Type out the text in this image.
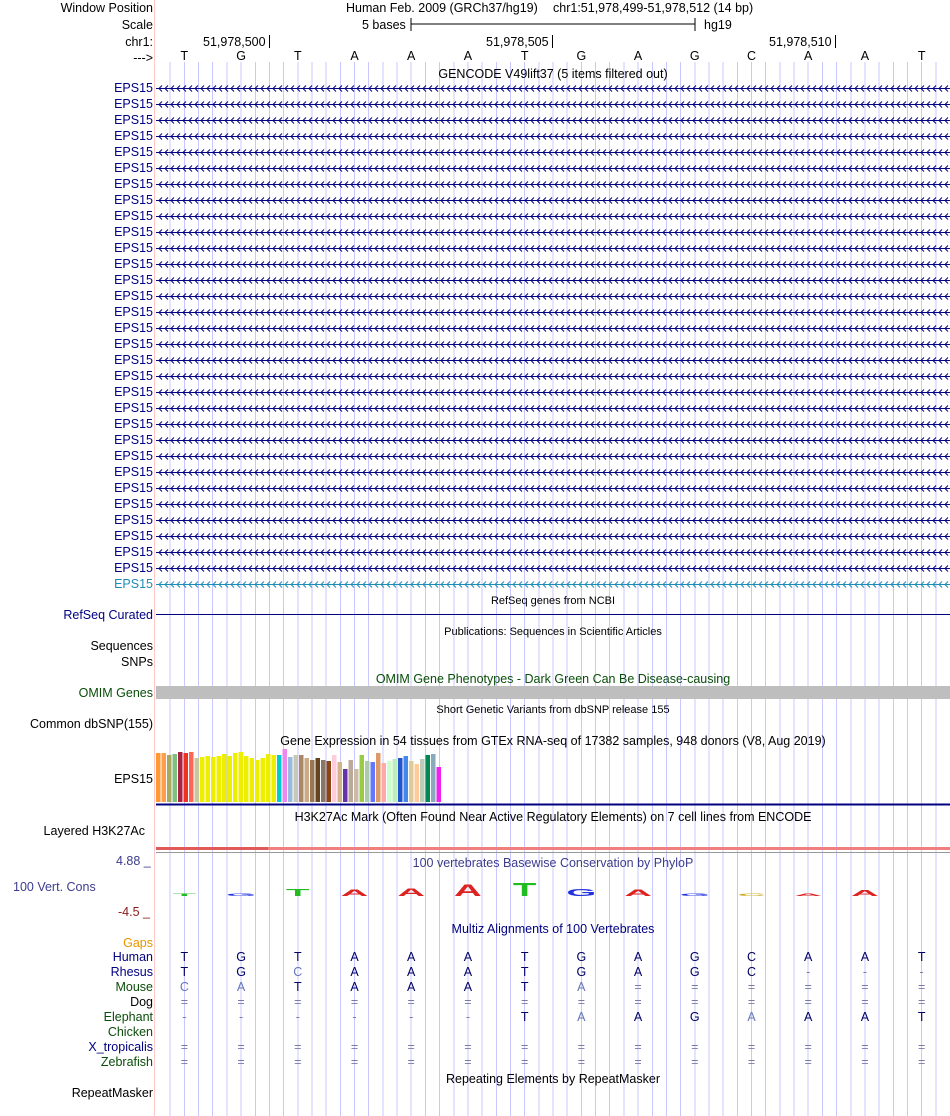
Window Position
Scale
chr1:
--->
Human Feb. 2009 (GRCh37/hg19) chr1:51,978,499-51,978,512 (14 bp)
5 bases	hg19
51,978,500	51,978,505	51,978,510
T	G	T	A	A	A	T	G	A	G	C	A	A	T
GENCODE V49lift37 (5 items filtered out)
EPS15
EPS15
EPS15
EPS15
EPS15
EPS15
EPS15
EPS15
EPS15
EPS15
EPS15
EPS15
EPS15
EPS15
EPS15
EPS15
EPS15
EPS15
EPS15
EPS15
EPS15
EPS15
EPS15
EPS15
EPS15
EPS15
EPS15
EPS15
EPS15
EPS15
EPS15
EPS15
RefSeq genes from NCBI
RefSeq Curated
Publications: Sequences in Scientific Articles
Sequences
SNPs
OMIM Gene Phenotypes - Dark Green Can Be Disease-causing
OMIM Genes
Short Genetic Variants from dbSNP release 155
Common dbSNP(155)
Gene Expression in 54 tissues from GTEx RNA-seq of 17382 samples, 948 donors (V8, Aug 2019)
EPS15
H3K27Ac Mark (Often Found Near Active Regulatory Elements) on 7 cell lines from ENCODE
Layered H3K27Ac
100 vertebrates Basewise Conservation by PhyloP
4.88 _
100 Vert. Cons
-4.5 _
T G T A A A T G A G C A A
Multiz Alignments of 100 Vertebrates
Gaps
Human	T	G	T	A	A	A	T	G	A	G	C	A	A	T
Rhesus	T	G	C	A	A	A	T	G	A	G	C	-	-	-
Mouse	C	A	T	A	A	A	T	A	=	=	=	=	=	=
Dog	=	=	=	=	=	=	=	=	=	=	=	=	=	=
Elephant	-	-	-	-	-	-	T	A	A	G	A	A	A	T
Chicken
X_tropicalis	=	=	=	=	=	=	=	=	=	=	=	=	=	=
Zebrafish	=	=	=	=	=	=	=	=	=	=	=	=	=	=
Repeating Elements by RepeatMasker
RepeatMasker
